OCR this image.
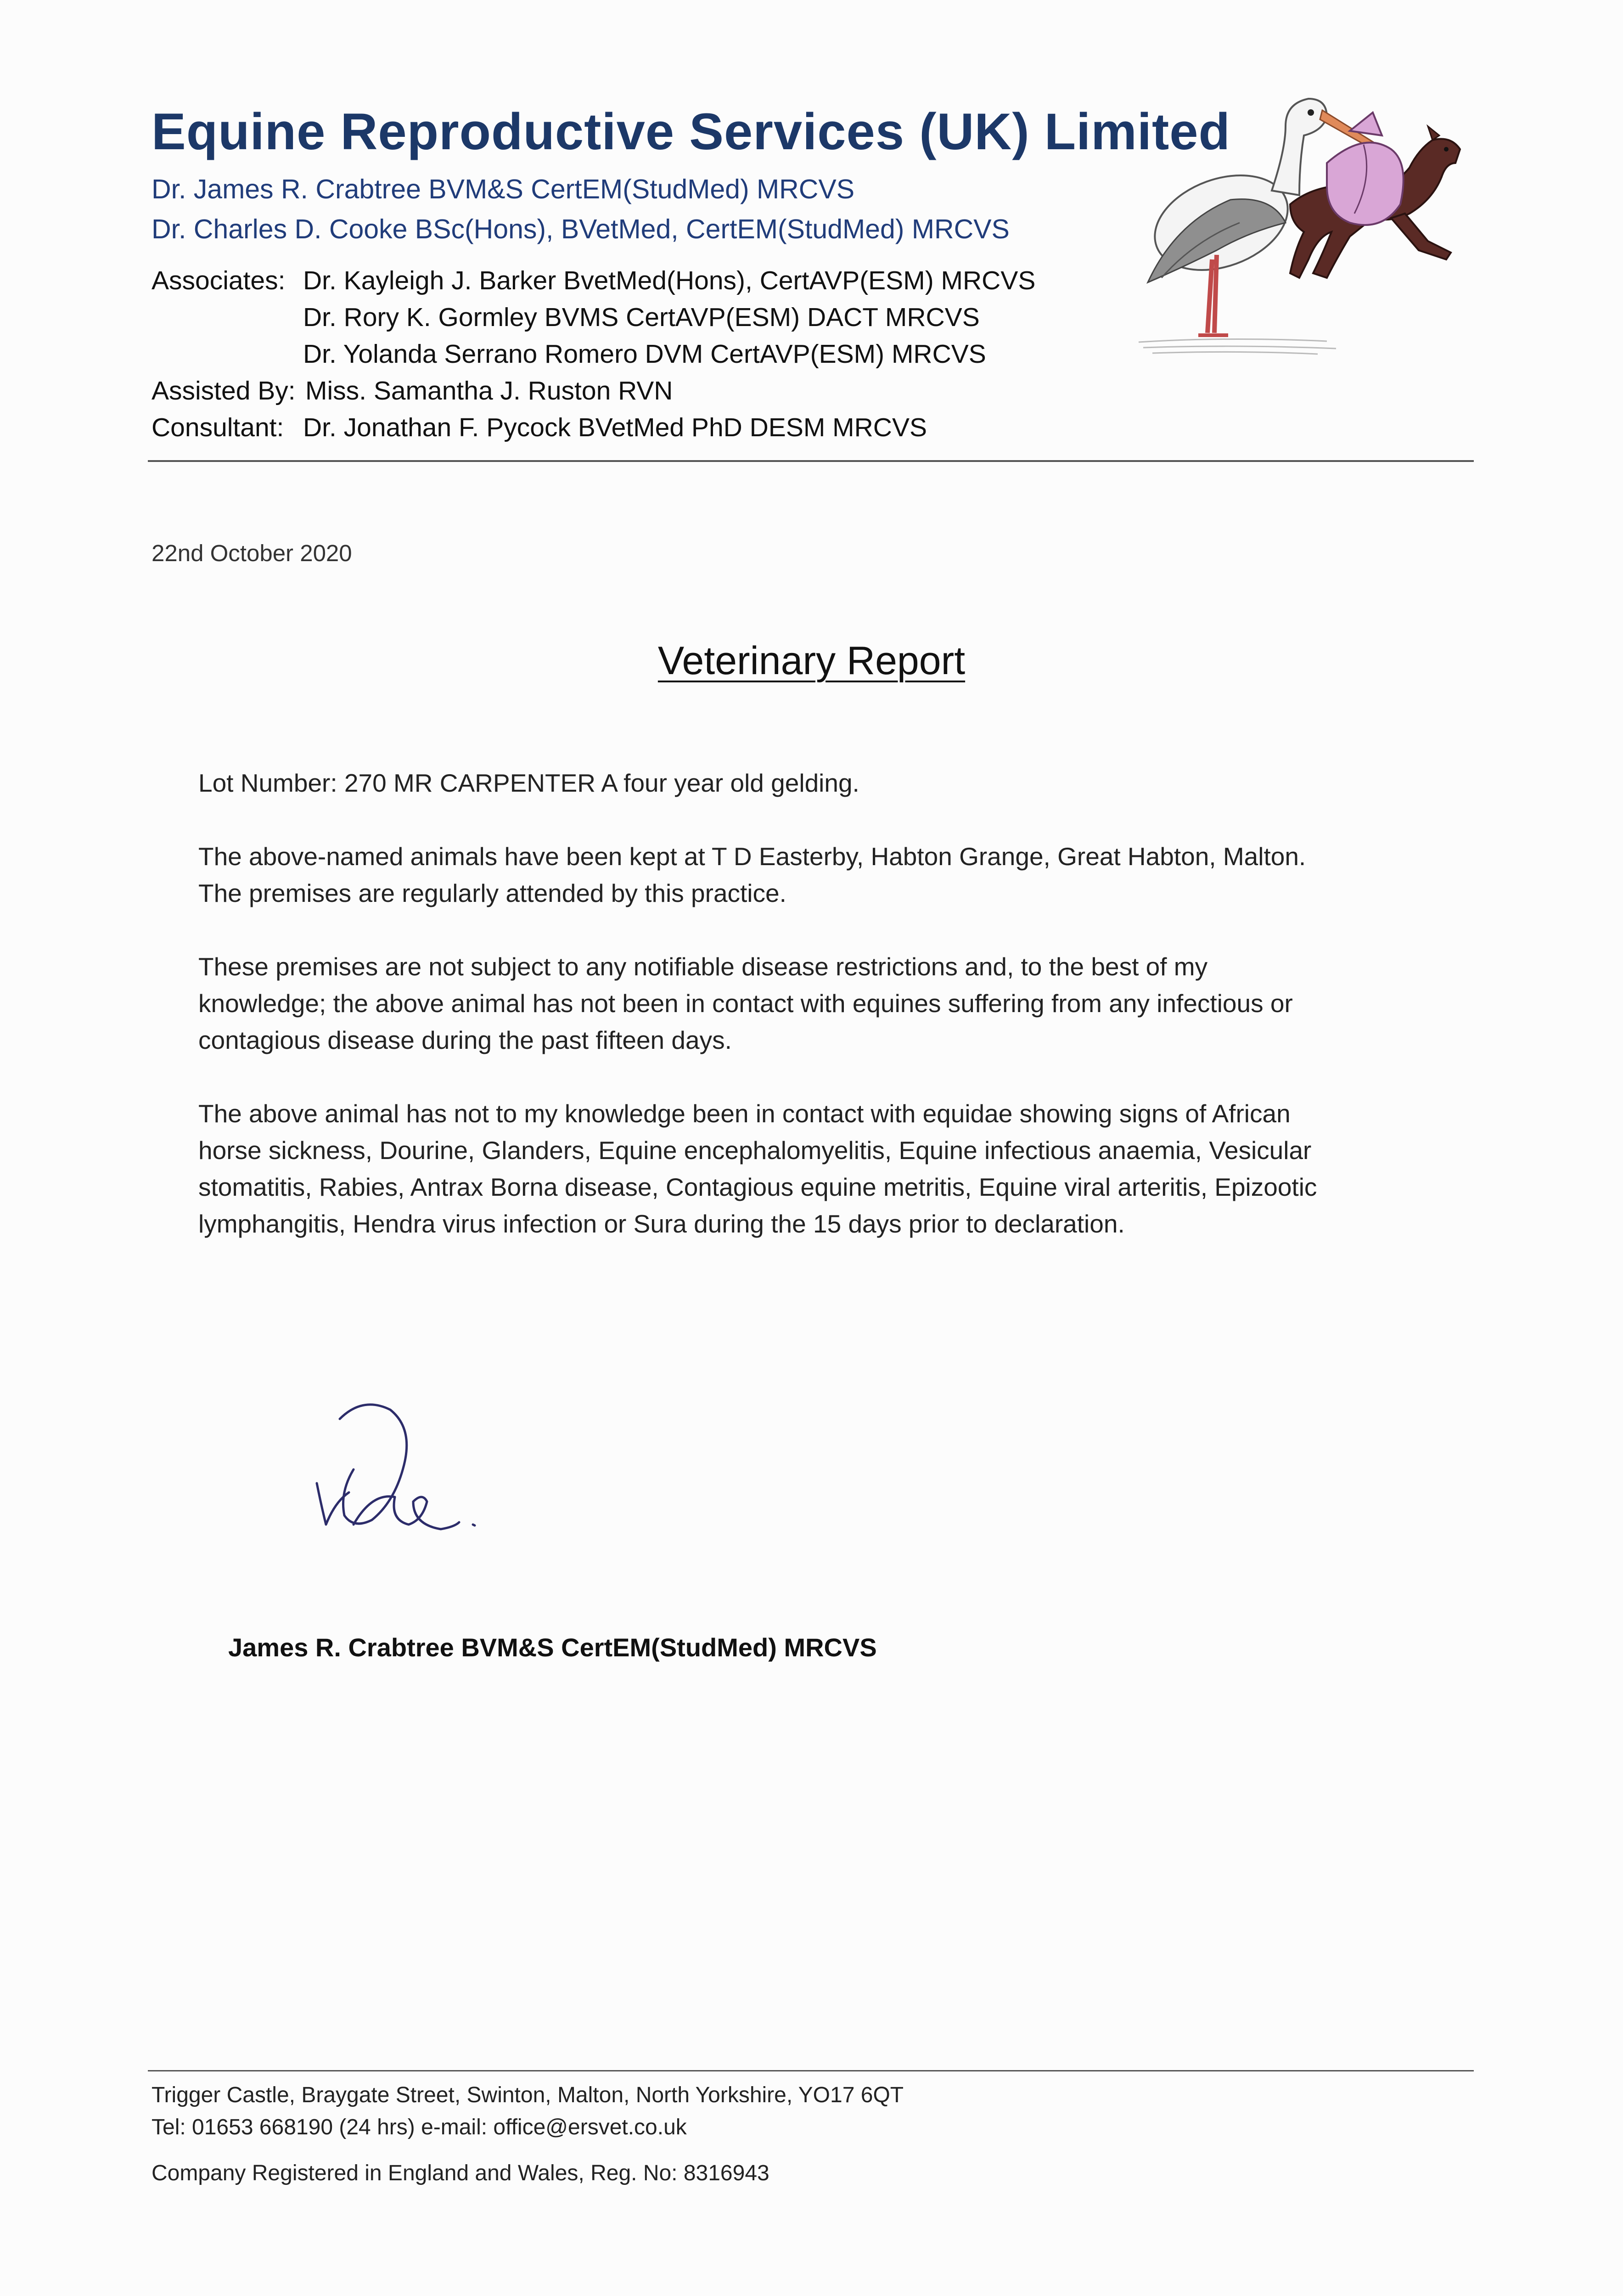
Equine Reproductive Services (UK) Limited
Dr. James R. Crabtree BVM&S CertEM(StudMed) MRCVS
Dr. Charles D. Cooke BSc(Hons), BVetMed, CertEM(StudMed) MRCVS
Associates: Dr. Kayleigh J. Barker BvetMed(Hons), CertAVP(ESM) MRCVS
Dr. Rory K. Gormley BVMS CertAVP(ESM) DACT MRCVS
Dr. Yolanda Serrano Romero DVM CertAVP(ESM) MRCVS
Assisted By: Miss. Samantha J. Ruston RVN
Consultant: Dr. Jonathan F. Pycock BVetMed PhD DESM MRCVS
22nd October 2020
Veterinary Report

Lot Number: 270 MR CARPENTER A four year old gelding.

The above-named animals have been kept at T D Easterby, Habton Grange, Great Habton, Malton.

The premises are regularly attended by this practice.

These premises are not subject to any notifiable disease restrictions and, to the best of my

knowledge; the above animal has not been in contact with equines suffering from any infectious or

contagious disease during the past fifteen days.

The above animal has not to my knowledge been in contact with equidae showing signs of African

horse sickness, Dourine, Glanders, Equine encephalomyelitis, Equine infectious anaemia, Vesicular

stomatitis, Rabies, Antrax Borna disease, Contagious equine metritis, Equine viral arteritis, Epizootic

lymphangitis, Hendra virus infection or Sura during the 15 days prior to declaration.

James R. Crabtree BVM&S CertEM(StudMed) MRCVS
Trigger Castle, Braygate Street, Swinton, Malton, North Yorkshire, YO17 6QT
Tel: 01653 668190 (24 hrs) e-mail: office@ersvet.co.uk
Company Registered in England and Wales, Reg. No: 8316943
